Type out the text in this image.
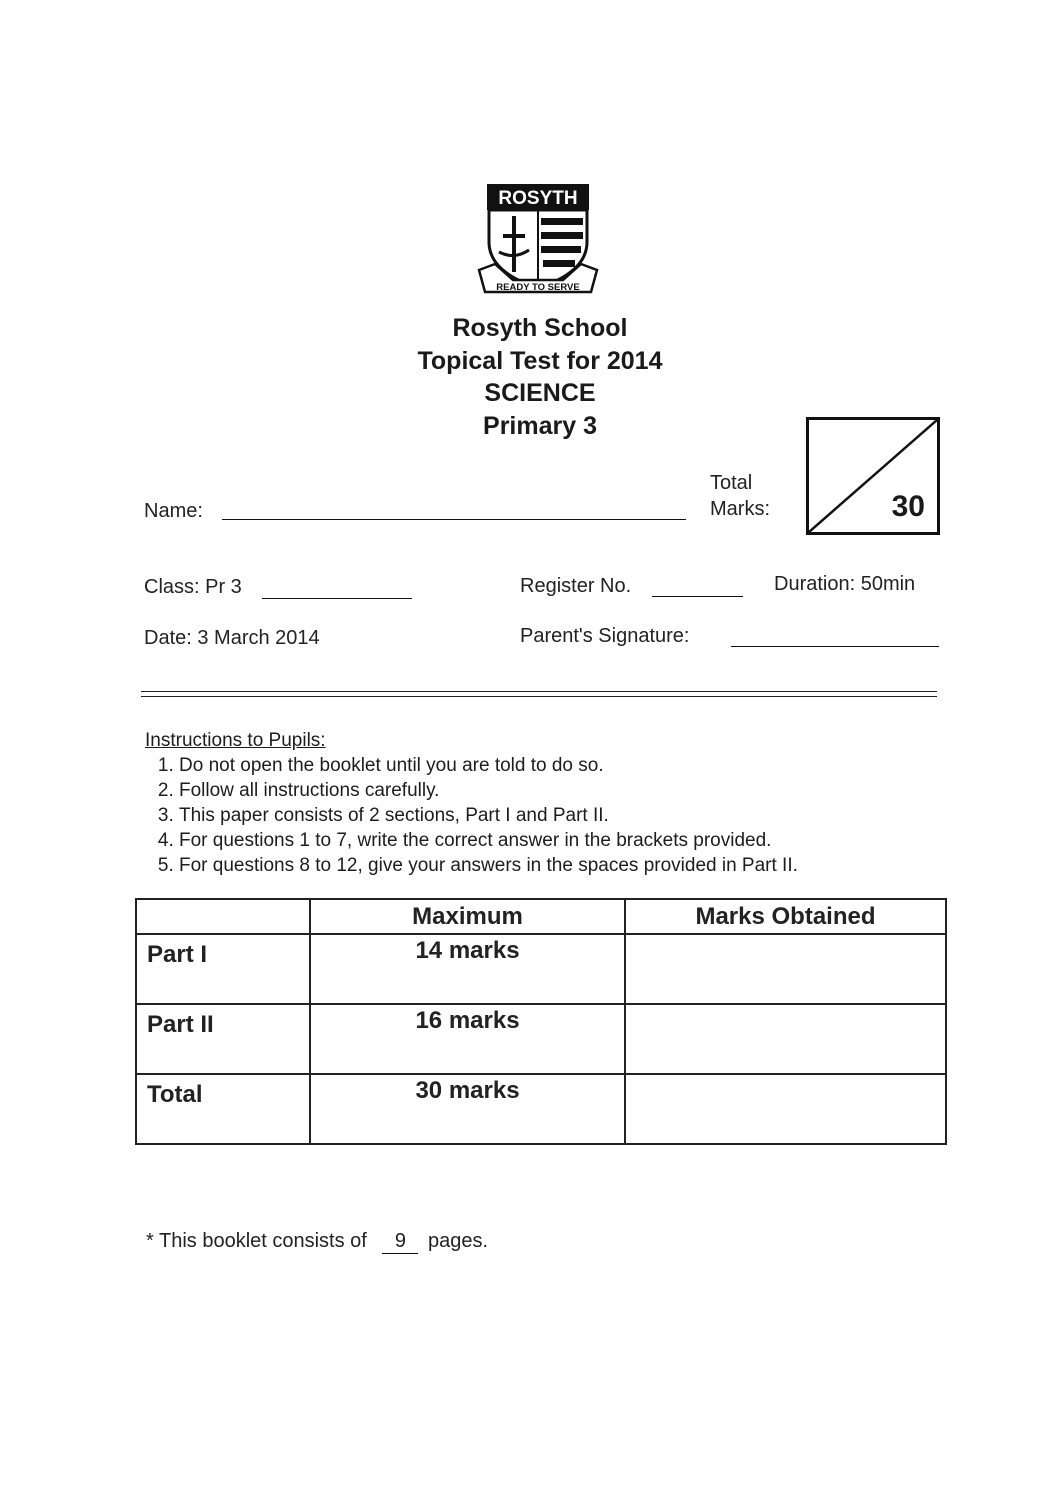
ROSYTH
READY TO SERVE
Rosyth School
Topical Test for 2014
SCIENCE
Primary 3
Total
Marks:	30
Name:
Class: Pr 3	Register No.	Duration: 50min
Date: 3 March 2014	Parent's Signature:
Instructions to Pupils:
1. Do not open the booklet until you are told to do so.
2. Follow all instructions carefully.
3. This paper consists of 2 sections, Part I and Part II.
4. For questions 1 to 7, write the correct answer in the brackets provided.
5. For questions 8 to 12, give your answers in the spaces provided in Part II.
	Maximum	Marks Obtained
Part I	14 marks	
Part II	16 marks	
Total	30 marks	
* This booklet consists of 9 pages.
